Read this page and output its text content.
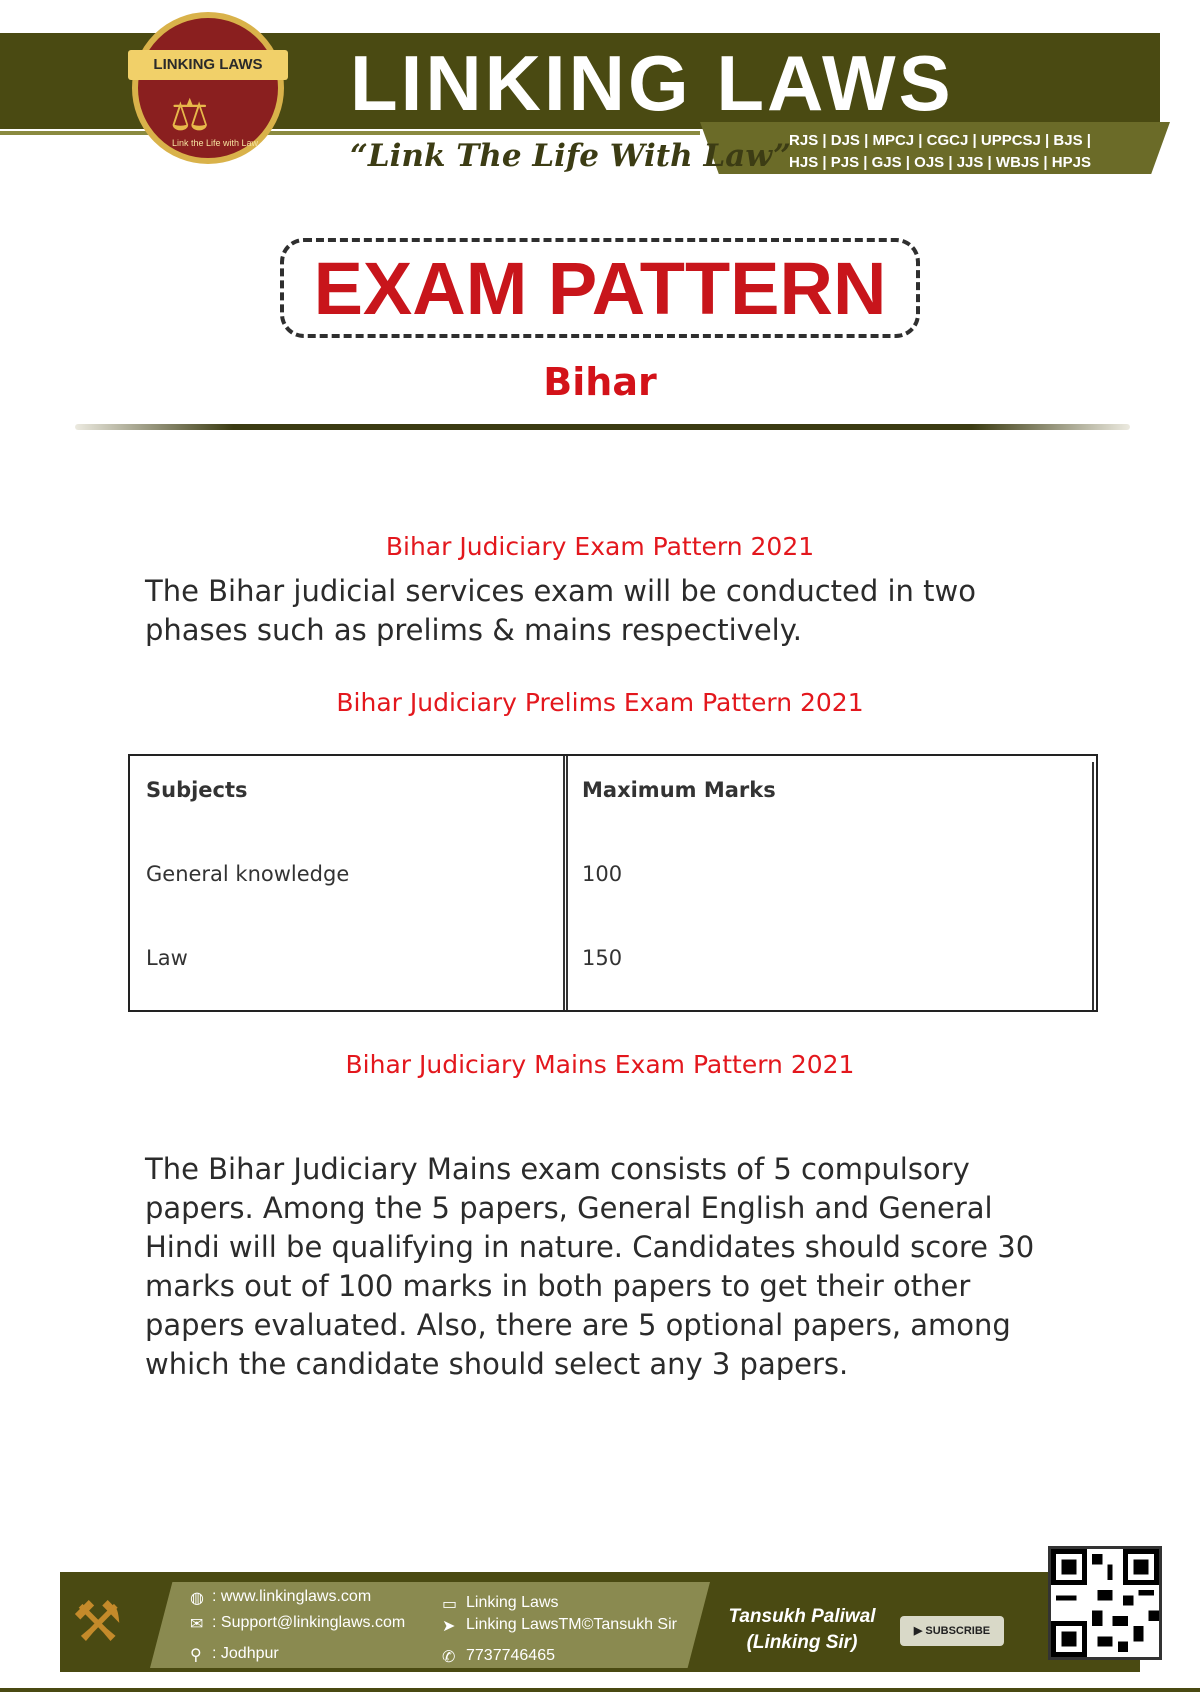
LINKING LAWS
⚖
Link the Life with Law
LINKING LAWS
“Link The Life With Law”
RJS | DJS | MPCJ | CGCJ | UPPCSJ | BJS |
HJS | PJS | GJS | OJS | JJS | WBJS | HPJS
EXAM PATTERN
Bihar
Bihar Judiciary Exam Pattern 2021
The Bihar judicial services exam will be conducted in two phases such as prelims & mains respectively.
Bihar Judiciary Prelims Exam Pattern 2021
Subjects	Maximum Marks
General knowledge	100
Law	150
Bihar Judiciary Mains Exam Pattern 2021
The Bihar Judiciary Mains exam consists of 5 compulsory papers. Among the 5 papers, General English and General Hindi will be qualifying in nature. Candidates should score 30 marks out of 100 marks in both papers to get their other papers evaluated. Also, there are 5 optional papers, among which the candidate should select any 3 papers.
⚒	◍ : www.linkinglaws.com
✉ : Support@linkinglaws.com
⚲ : Jodhpur
▭ Linking Laws
➤ Linking LawsTM©Tansukh Sir
✆ 7737746465
Tansukh Paliwal
(Linking Sir)
▶ SUBSCRIBE
